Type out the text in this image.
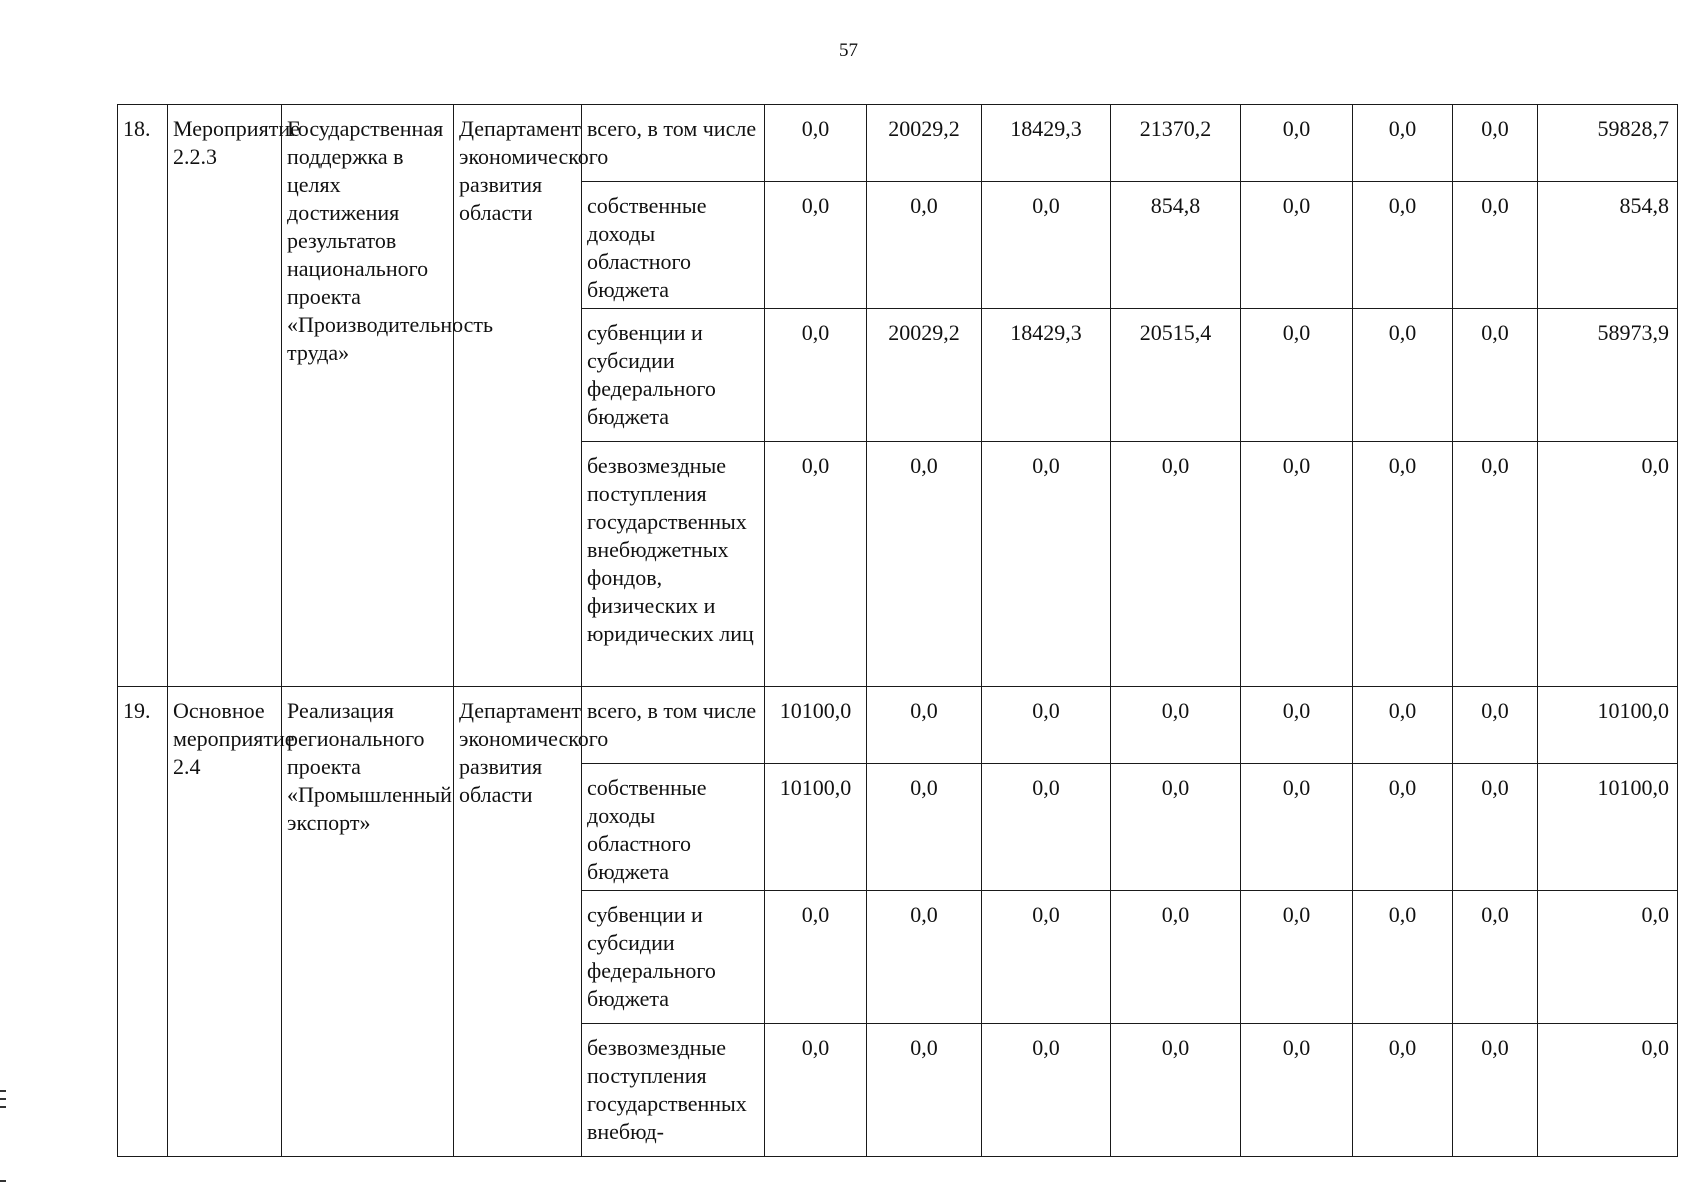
57
18.	Мероприятие 2.2.3	Государственная поддержка в целях достижения результатов национального проекта «Производительность труда»	Департамент экономического развития области	всего, в том числе	0,0	20029,2	18429,3	21370,2	0,0	0,0	0,0	59828,7
				собственные доходы областного бюджета	0,0	0,0	0,0	854,8	0,0	0,0	0,0	854,8
				субвенции и субсидии федерального бюджета	0,0	20029,2	18429,3	20515,4	0,0	0,0	0,0	58973,9
				безвозмездные поступления государственных внебюджетных фондов, физических и юридических лиц	0,0	0,0	0,0	0,0	0,0	0,0	0,0	0,0
19.	Основное мероприятие 2.4	Реализация регионального проекта «Промышленный экспорт»	Департамент экономического развития области	всего, в том числе	10100,0	0,0	0,0	0,0	0,0	0,0	0,0	10100,0
				собственные доходы областного бюджета	10100,0	0,0	0,0	0,0	0,0	0,0	0,0	10100,0
				субвенции и субсидии федерального бюджета	0,0	0,0	0,0	0,0	0,0	0,0	0,0	0,0
				безвозмездные поступления государственных внебюд-	0,0	0,0	0,0	0,0	0,0	0,0	0,0	0,0
